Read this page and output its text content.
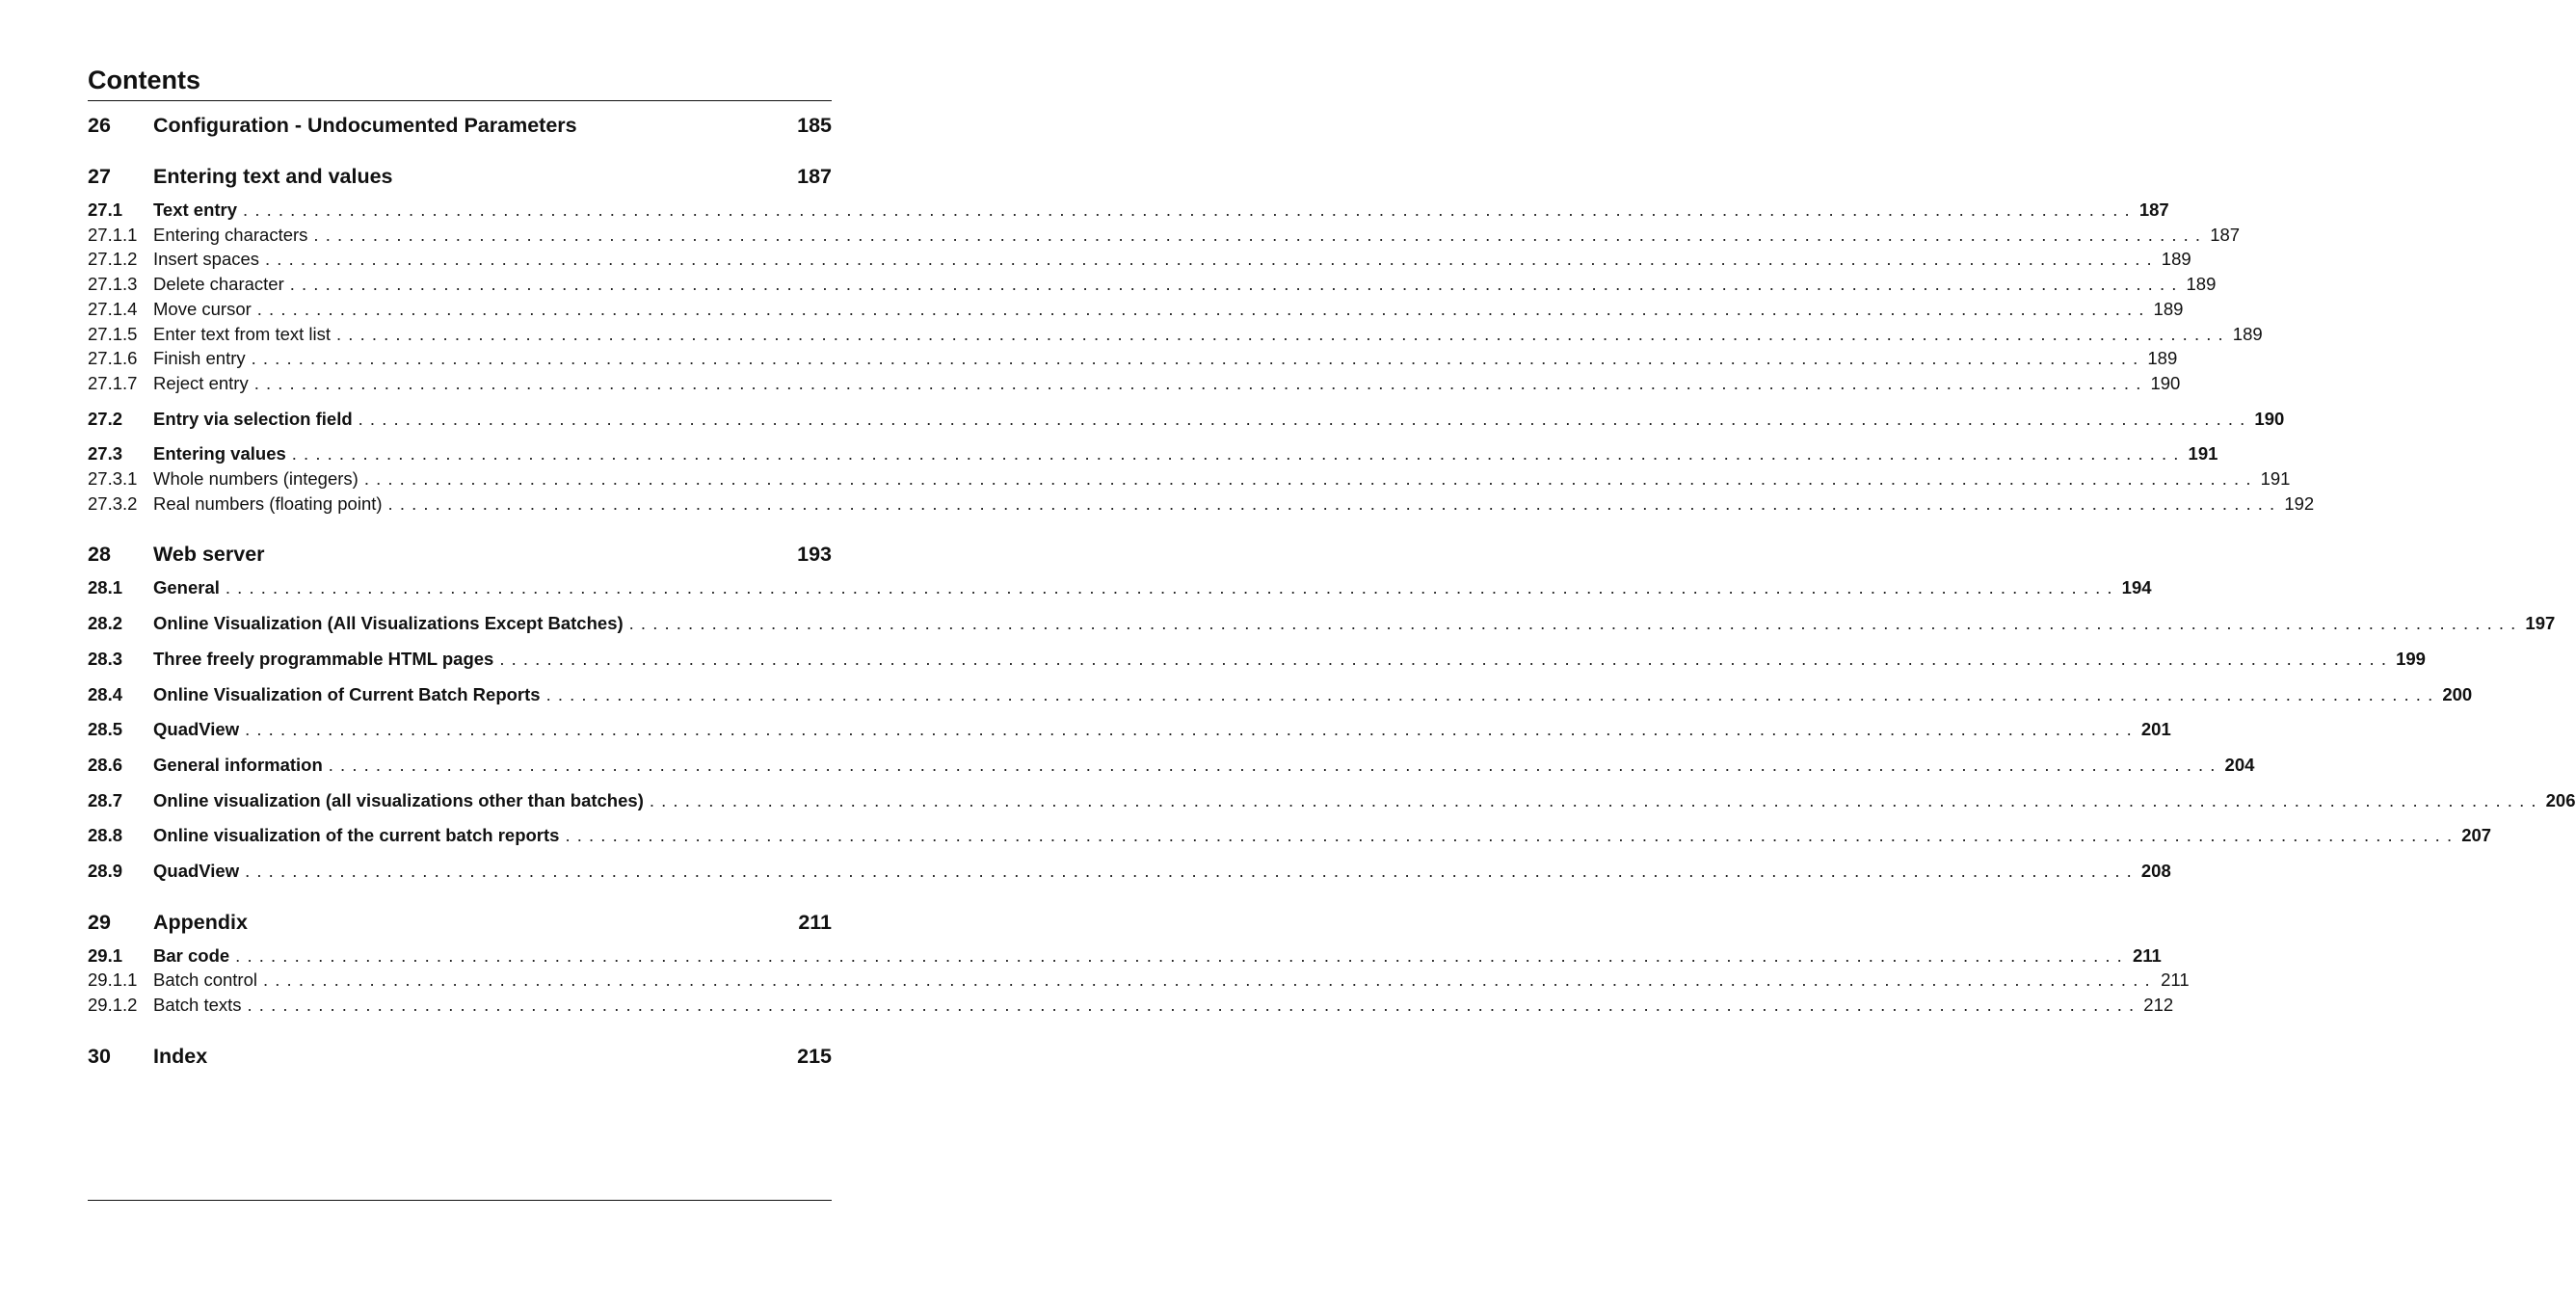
Contents
26	Configuration - Undocumented Parameters	185
27	Entering text and values	187
27.1	Text entry . . . . . . . . . . . . . . . . . . . . . . . . . . . . . . . . . . . . . . . . . . . . . . . . . . . . . . . . . . . . . . . . . . . . . . . . . . . . . . . . . . . . . . . . . . . . . . . . . . . . . . . . . . . . . . . . . . . . . . . . . . . . . . . . . . . . . . . . . . . . . . . . . . . . . . . . . . . . . . . . 187
27.1.1 Entering characters . . . . . . . . . . . . . . . . . . . . . . . . . . . . . . . . . . . . . . . . . . . . . . . . . . . . . . . . . . . . . . . . . . . . . . . . . . . . . . . . . . . . . . . . . . . . . . . . . . . . . . . . . . . . . . . . . . . . . . . . . . . . . . . . . . . . . . . . . . . . . . . . . . . . . . . . . . . . . . . . 187
27.1.2 Insert spaces . . . . . . . . . . . . . . . . . . . . . . . . . . . . . . . . . . . . . . . . . . . . . . . . . . . . . . . . . . . . . . . . . . . . . . . . . . . . . . . . . . . . . . . . . . . . . . . . . . . . . . . . . . . . . . . . . . . . . . . . . . . . . . . . . . . . . . . . . . . . . . . . . . . . . . . . . . . . . . . . 189
27.1.3 Delete character . . . . . . . . . . . . . . . . . . . . . . . . . . . . . . . . . . . . . . . . . . . . . . . . . . . . . . . . . . . . . . . . . . . . . . . . . . . . . . . . . . . . . . . . . . . . . . . . . . . . . . . . . . . . . . . . . . . . . . . . . . . . . . . . . . . . . . . . . . . . . . . . . . . . . . . . . . . . . . . . 189
27.1.4 Move cursor . . . . . . . . . . . . . . . . . . . . . . . . . . . . . . . . . . . . . . . . . . . . . . . . . . . . . . . . . . . . . . . . . . . . . . . . . . . . . . . . . . . . . . . . . . . . . . . . . . . . . . . . . . . . . . . . . . . . . . . . . . . . . . . . . . . . . . . . . . . . . . . . . . . . . . . . . . . . . . . . 189
27.1.5 Enter text from text list . . . . . . . . . . . . . . . . . . . . . . . . . . . . . . . . . . . . . . . . . . . . . . . . . . . . . . . . . . . . . . . . . . . . . . . . . . . . . . . . . . . . . . . . . . . . . . . . . . . . . . . . . . . . . . . . . . . . . . . . . . . . . . . . . . . . . . . . . . . . . . . . . . . . . . . . . . . . . . . . 189
27.1.6 Finish entry . . . . . . . . . . . . . . . . . . . . . . . . . . . . . . . . . . . . . . . . . . . . . . . . . . . . . . . . . . . . . . . . . . . . . . . . . . . . . . . . . . . . . . . . . . . . . . . . . . . . . . . . . . . . . . . . . . . . . . . . . . . . . . . . . . . . . . . . . . . . . . . . . . . . . . . . . . . . . . . . 189
27.1.7 Reject entry . . . . . . . . . . . . . . . . . . . . . . . . . . . . . . . . . . . . . . . . . . . . . . . . . . . . . . . . . . . . . . . . . . . . . . . . . . . . . . . . . . . . . . . . . . . . . . . . . . . . . . . . . . . . . . . . . . . . . . . . . . . . . . . . . . . . . . . . . . . . . . . . . . . . . . . . . . . . . . . . 190
27.2	Entry via selection field . . . . . . . . . . . . . . . . . . . . . . . . . . . . . . . . . . . . . . . . . . . . . . . . . . . . . . . . . . . . . . . . . . . . . . . . . . . . . . . . . . . . . . . . . . . . . . . . . . . . . . . . . . . . . . . . . . . . . . . . . . . . . . . . . . . . . . . . . . . . . . . . . . . . . . . . . . . . . . . . 190
27.3	Entering values . . . . . . . . . . . . . . . . . . . . . . . . . . . . . . . . . . . . . . . . . . . . . . . . . . . . . . . . . . . . . . . . . . . . . . . . . . . . . . . . . . . . . . . . . . . . . . . . . . . . . . . . . . . . . . . . . . . . . . . . . . . . . . . . . . . . . . . . . . . . . . . . . . . . . . . . . . . . . . . . 191
27.3.1 Whole numbers (integers) . . . . . . . . . . . . . . . . . . . . . . . . . . . . . . . . . . . . . . . . . . . . . . . . . . . . . . . . . . . . . . . . . . . . . . . . . . . . . . . . . . . . . . . . . . . . . . . . . . . . . . . . . . . . . . . . . . . . . . . . . . . . . . . . . . . . . . . . . . . . . . . . . . . . . . . . . . . . . . . . 191
27.3.2 Real numbers (floating point) . . . . . . . . . . . . . . . . . . . . . . . . . . . . . . . . . . . . . . . . . . . . . . . . . . . . . . . . . . . . . . . . . . . . . . . . . . . . . . . . . . . . . . . . . . . . . . . . . . . . . . . . . . . . . . . . . . . . . . . . . . . . . . . . . . . . . . . . . . . . . . . . . . . . . . . . . . . . . . . . 192
28	Web server	193
28.1	General . . . . . . . . . . . . . . . . . . . . . . . . . . . . . . . . . . . . . . . . . . . . . . . . . . . . . . . . . . . . . . . . . . . . . . . . . . . . . . . . . . . . . . . . . . . . . . . . . . . . . . . . . . . . . . . . . . . . . . . . . . . . . . . . . . . . . . . . . . . . . . . . . . . . . . . . . . . . . . . . 194
28.2	Online Visualization (All Visualizations Except Batches) . . . . . . . . . . . . . . . . . . . . . . . . . . . . . . . . . . . . . . . . . . . . . . . . . . . . . . . . . . . . . . . . . . . . . . . . . . . . . . . . . . . . . . . . . . . . . . . . . . . . . . . . . . . . . . . . . . . . . . . . . . . . . . . . . . . . . . . . . . . . . . . . . . . . . . . . . . . . . . . . 197
28.3	Three freely programmable HTML pages . . . . . . . . . . . . . . . . . . . . . . . . . . . . . . . . . . . . . . . . . . . . . . . . . . . . . . . . . . . . . . . . . . . . . . . . . . . . . . . . . . . . . . . . . . . . . . . . . . . . . . . . . . . . . . . . . . . . . . . . . . . . . . . . . . . . . . . . . . . . . . . . . . . . . . . . . . . . . . . . 199
28.4	Online Visualization of Current Batch Reports . . . . . . . . . . . . . . . . . . . . . . . . . . . . . . . . . . . . . . . . . . . . . . . . . . . . . . . . . . . . . . . . . . . . . . . . . . . . . . . . . . . . . . . . . . . . . . . . . . . . . . . . . . . . . . . . . . . . . . . . . . . . . . . . . . . . . . . . . . . . . . . . . . . . . . . . . . . . . . . . 200
28.5	QuadView . . . . . . . . . . . . . . . . . . . . . . . . . . . . . . . . . . . . . . . . . . . . . . . . . . . . . . . . . . . . . . . . . . . . . . . . . . . . . . . . . . . . . . . . . . . . . . . . . . . . . . . . . . . . . . . . . . . . . . . . . . . . . . . . . . . . . . . . . . . . . . . . . . . . . . . . . . . . . . . . 201
28.6	General information . . . . . . . . . . . . . . . . . . . . . . . . . . . . . . . . . . . . . . . . . . . . . . . . . . . . . . . . . . . . . . . . . . . . . . . . . . . . . . . . . . . . . . . . . . . . . . . . . . . . . . . . . . . . . . . . . . . . . . . . . . . . . . . . . . . . . . . . . . . . . . . . . . . . . . . . . . . . . . . . 204
28.7	Online visualization (all visualizations other than batches) . . . . . . . . . . . . . . . . . . . . . . . . . . . . . . . . . . . . . . . . . . . . . . . . . . . . . . . . . . . . . . . . . . . . . . . . . . . . . . . . . . . . . . . . . . . . . . . . . . . . . . . . . . . . . . . . . . . . . . . . . . . . . . . . . . . . . . . . . . . . . . . . . . . . . . . . . . . . . . . . 206
28.8	Online visualization of the current batch reports . . . . . . . . . . . . . . . . . . . . . . . . . . . . . . . . . . . . . . . . . . . . . . . . . . . . . . . . . . . . . . . . . . . . . . . . . . . . . . . . . . . . . . . . . . . . . . . . . . . . . . . . . . . . . . . . . . . . . . . . . . . . . . . . . . . . . . . . . . . . . . . . . . . . . . . . . . . . . . . . 207
28.9	QuadView . . . . . . . . . . . . . . . . . . . . . . . . . . . . . . . . . . . . . . . . . . . . . . . . . . . . . . . . . . . . . . . . . . . . . . . . . . . . . . . . . . . . . . . . . . . . . . . . . . . . . . . . . . . . . . . . . . . . . . . . . . . . . . . . . . . . . . . . . . . . . . . . . . . . . . . . . . . . . . . . 208
29	Appendix	211
29.1	Bar code . . . . . . . . . . . . . . . . . . . . . . . . . . . . . . . . . . . . . . . . . . . . . . . . . . . . . . . . . . . . . . . . . . . . . . . . . . . . . . . . . . . . . . . . . . . . . . . . . . . . . . . . . . . . . . . . . . . . . . . . . . . . . . . . . . . . . . . . . . . . . . . . . . . . . . . . . . . . . . . . 211
29.1.1 Batch control . . . . . . . . . . . . . . . . . . . . . . . . . . . . . . . . . . . . . . . . . . . . . . . . . . . . . . . . . . . . . . . . . . . . . . . . . . . . . . . . . . . . . . . . . . . . . . . . . . . . . . . . . . . . . . . . . . . . . . . . . . . . . . . . . . . . . . . . . . . . . . . . . . . . . . . . . . . . . . . . 211
29.1.2 Batch texts . . . . . . . . . . . . . . . . . . . . . . . . . . . . . . . . . . . . . . . . . . . . . . . . . . . . . . . . . . . . . . . . . . . . . . . . . . . . . . . . . . . . . . . . . . . . . . . . . . . . . . . . . . . . . . . . . . . . . . . . . . . . . . . . . . . . . . . . . . . . . . . . . . . . . . . . . . . . . . . . 212
30	Index	215
